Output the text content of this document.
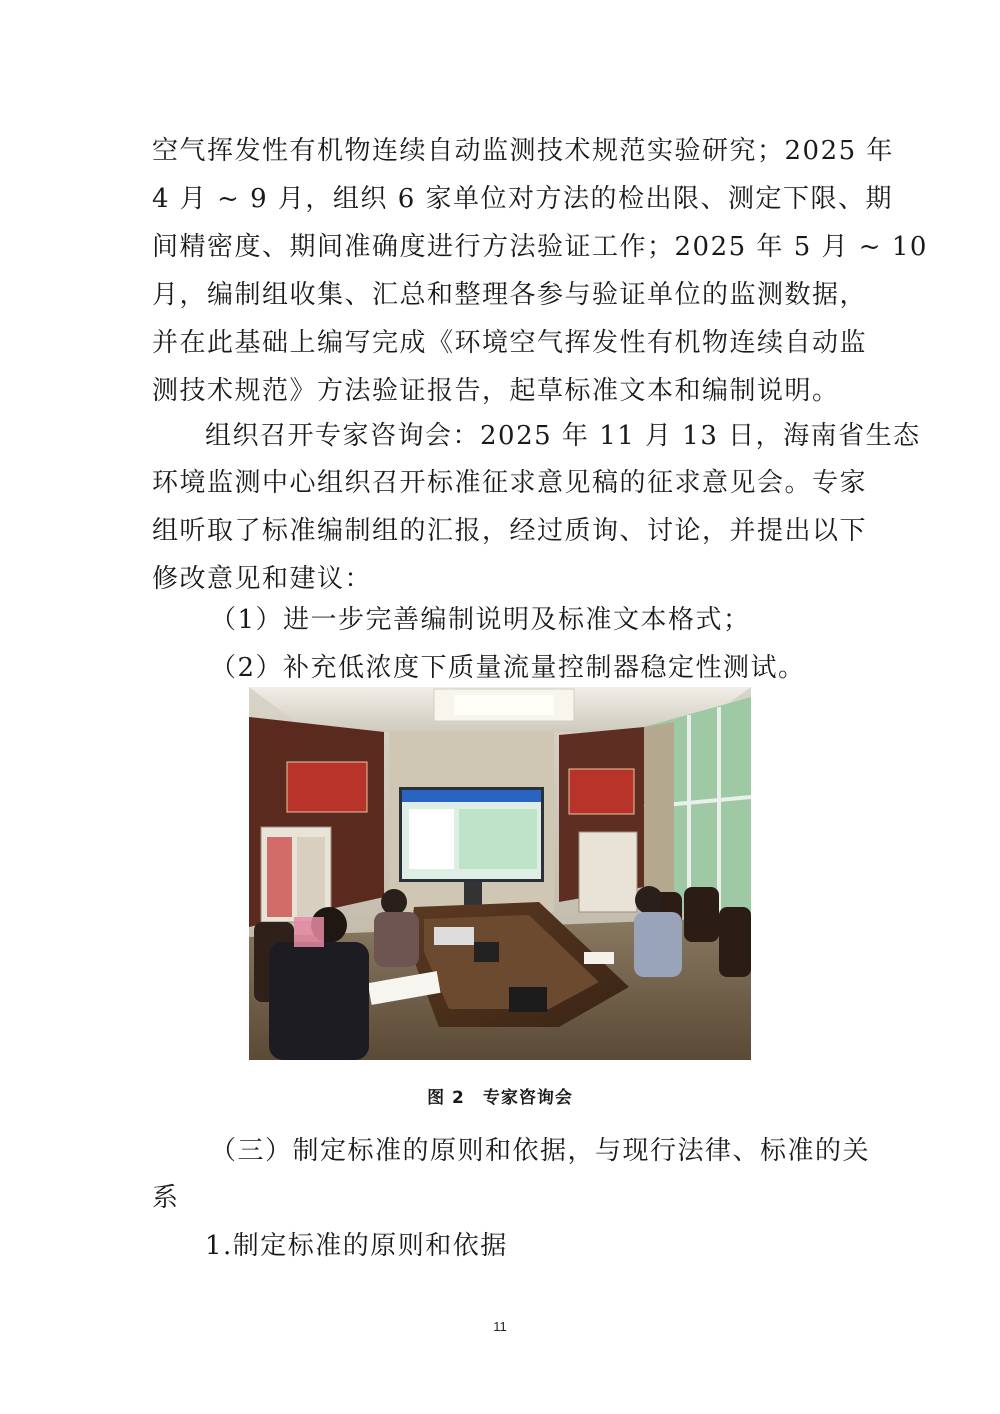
空气挥发性有机物连续自动监测技术规范实验研究；2025 年
4 月 ~ 9 月，组织 6 家单位对方法的检出限、测定下限、期
间精密度、期间准确度进行方法验证工作；2025 年 5 月 ~ 10
月，编制组收集、汇总和整理各参与验证单位的监测数据，
并在此基础上编写完成《环境空气挥发性有机物连续自动监
测技术规范》方法验证报告，起草标准文本和编制说明。
组织召开专家咨询会：2025 年 11 月 13 日，海南省生态
环境监测中心组织召开标准征求意见稿的征求意见会。专家
组听取了标准编制组的汇报，经过质询、讨论，并提出以下
修改意见和建议：
（1）进一步完善编制说明及标准文本格式；
（2）补充低浓度下质量流量控制器稳定性测试。
图 2　专家咨询会
（三）制定标准的原则和依据，与现行法律、标准的关
系
1.制定标准的原则和依据
11
